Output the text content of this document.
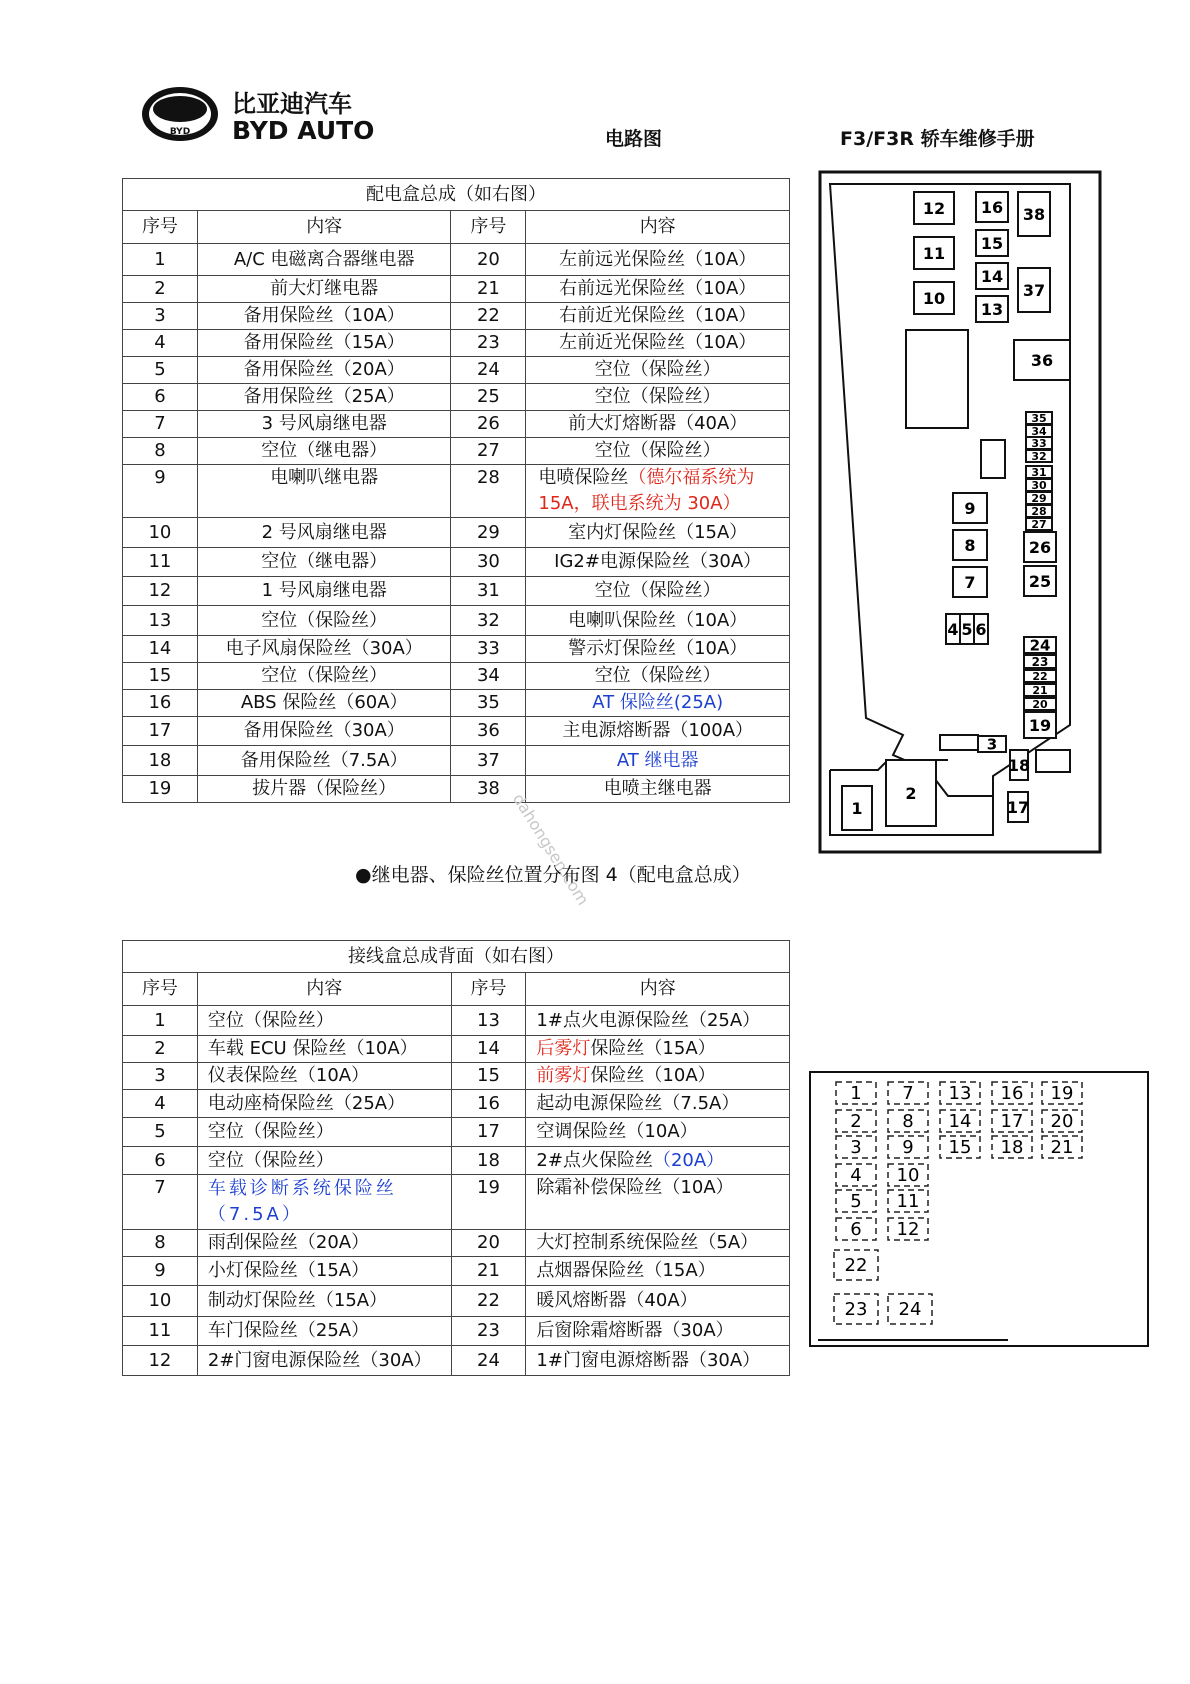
BYD
比亚迪汽车
BYD AUTO	电路图	F3/F3R 轿车维修手册
配电盒总成（如右图）			
序号	内容	序号	内容
1	A/C 电磁离合器继电器	20	左前远光保险丝（10A）
2	前大灯继电器	21	右前远光保险丝（10A）
3	备用保险丝（10A）	22	右前近光保险丝（10A）
4	备用保险丝（15A）	23	左前近光保险丝（10A）
5	备用保险丝（20A）	24	空位（保险丝）
6	备用保险丝（25A）	25	空位（保险丝）
7	3 号风扇继电器	26	前大灯熔断器（40A）
8	空位（继电器）	27	空位（保险丝）
9	电喇叭继电器	28	电喷保险丝（德尔福系统为 15A，联电系统为 30A）
10	2 号风扇继电器	29	室内灯保险丝（15A）
11	空位（继电器）	30	IG2#电源保险丝（30A）
12	1 号风扇继电器	31	空位（保险丝）
13	空位（保险丝）	32	电喇叭保险丝（10A）
14	电子风扇保险丝（30A）	33	警示灯保险丝（10A）
15	空位（保险丝）	34	空位（保险丝）
16	ABS 保险丝（60A）	35	AT 保险丝(25A)
17	备用保险丝（30A）	36	主电源熔断器（100A）
18	备用保险丝（7.5A）	37	AT 继电器
19	拔片器（保险丝）	38	电喷主继电器
dahongsen.com
●继电器、保险丝位置分布图 4（配电盒总成）
接线盒总成背面（如右图）			
序号	内容	序号	内容
1	空位（保险丝）	13	1#点火电源保险丝（25A）
2	车载 ECU 保险丝（10A）	14	后雾灯保险丝（15A）
3	仪表保险丝（10A）	15	前雾灯保险丝（10A）
4	电动座椅保险丝（25A）	16	起动电源保险丝（7.5A）
5	空位（保险丝）	17	空调保险丝（10A）
6	空位（保险丝）	18	2#点火保险丝（20A）
7	车载诊断系统保险丝（7.5A）	19	除霜补偿保险丝（10A）
8	雨刮保险丝（20A）	20	大灯控制系统保险丝（5A）
9	小灯保险丝（15A）	21	点烟器保险丝（15A）
10	制动灯保险丝（15A）	22	暖风熔断器（40A）
11	车门保险丝（25A）	23	后窗除霜熔断器（30A）
12	2#门窗电源保险丝（30A）	24	1#门窗电源熔断器（30A）
1
2
3
4 5 6
7
8
9
10
11
12
13
14
15
16
17
18
19
20
21
22
23
24
25
26
27
28
29
30
31
32
33
34
35
36
37
38
1
2
3
4
5
6
7
8
9
10
11
12
13
14
15
16
17
18
19
20
21
22
23 24
